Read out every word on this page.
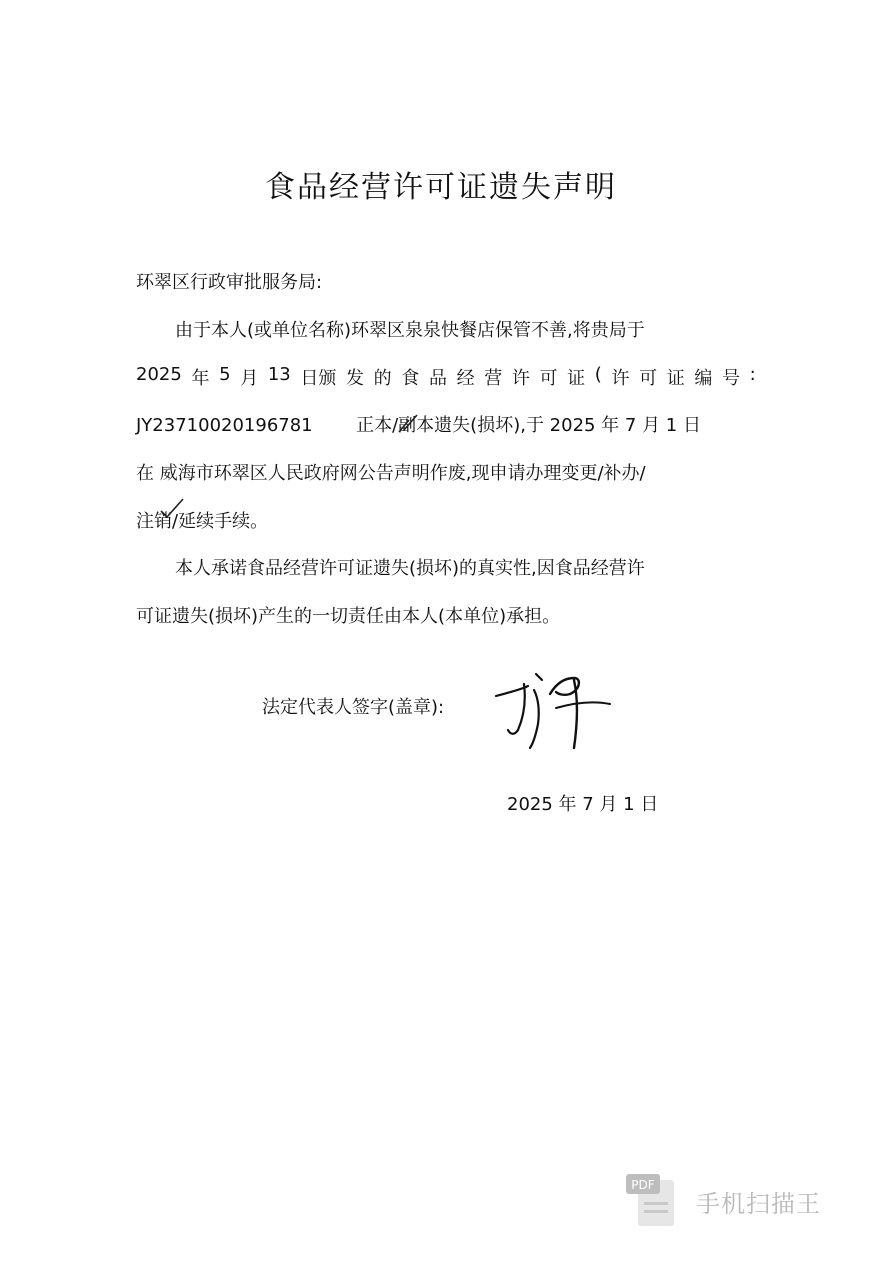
食品经营许可证遗失声明
环翠区行政审批服务局:
由于本人(或单位名称)环翠区泉泉快餐店保管不善,将贵局于
2025 年 5 月 13 日颁 发 的 食 品 经 营 许 可 证 ( 许 可 证 编 号 :
JY23710020196781 正本/副本遗失(损坏),于 2025 年 7 月 1 日
在 威海市环翠区人民政府网公告声明作废,现申请办理变更/补办/
注销/延续手续。
本人承诺食品经营许可证遗失(损坏)的真实性,因食品经营许
可证遗失(损坏)产生的一切责任由本人(本单位)承担。
法定代表人签字(盖章):
2025 年 7 月 1 日
PDF
手机扫描王
